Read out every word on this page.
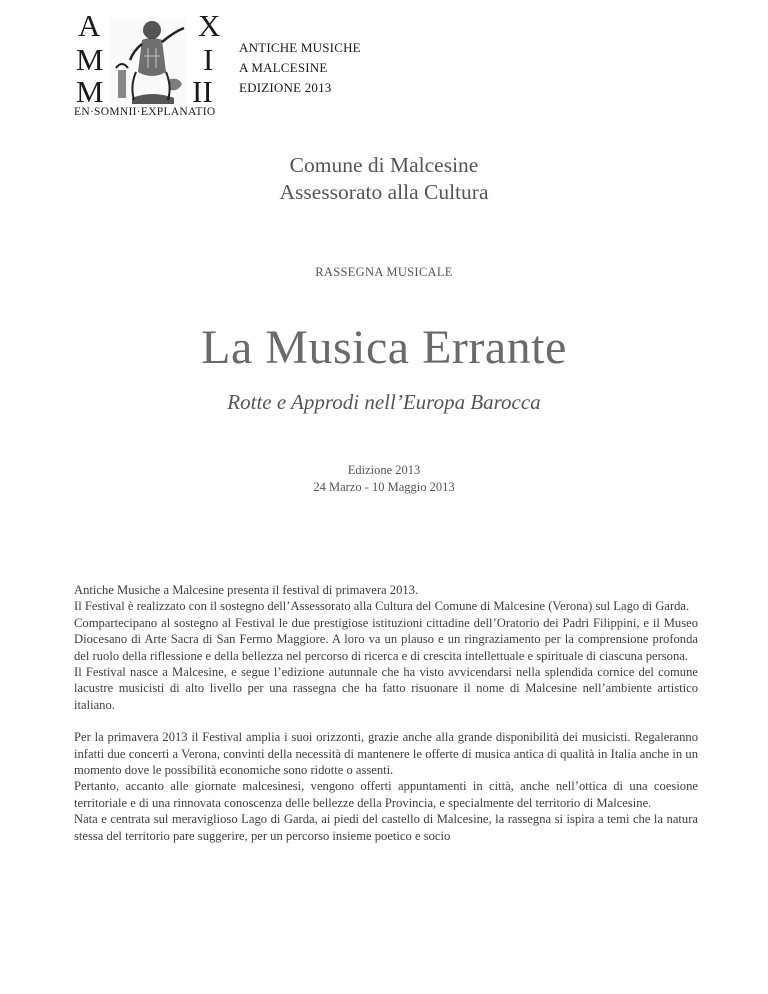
A	X
M	I
M	II
EN·SOMNII·EXPLANATIO
ANTICHE MUSICHE
A MALCESINE
EDIZIONE 2013
Comune di Malcesine
Assessorato alla Cultura
RASSEGNA MUSICALE
La Musica Errante
Rotte e Approdi nell’Europa Barocca
Edizione 2013
24 Marzo - 10 Maggio 2013

Antiche Musiche a Malcesine presenta il festival di primavera 2013.

Il Festival è realizzato con il sostegno dell’Assessorato alla Cultura del Comune di Malcesine (Verona) sul Lago di Garda.

Compartecipano al sostegno al Festival le due prestigiose istituzioni cittadine dell’Oratorio dei Padri Filippini, e il Museo Diocesano di Arte Sacra di San Fermo Maggiore. A loro va un plauso e un ringraziamento per la comprensione profonda del ruolo della riflessione e della bellezza nel percorso di ricerca e di crescita intellettuale e spirituale di ciascuna persona.

Il Festival nasce a Malcesine, e segue l’edizione autunnale che ha visto avvicendarsi nella splendida cornice del comune lacustre musicisti di alto livello per una rassegna che ha fatto risuonare il nome di Malcesine nell’ambiente artistico italiano.

Per la primavera 2013 il Festival amplia i suoi orizzonti, grazie anche alla grande disponibilità dei musicisti. Regaleranno infatti due concerti a Verona, convinti della necessità di mantenere le offerte di musica antica di qualità in Italia anche in un momento dove le possibilità economiche sono ridotte o assenti.

Pertanto, accanto alle giornate malcesinesi, vengono offerti appuntamenti in città, anche nell’ottica di una coesione territoriale e di una rinnovata conoscenza delle bellezze della Provincia, e specialmente del territorio di Malcesine.

Nata e centrata sul meraviglioso Lago di Garda, ai piedi del castello di Malcesine, la rassegna si ispira a temi che la natura stessa del territorio pare suggerire, per un percorso insieme poetico e socio
